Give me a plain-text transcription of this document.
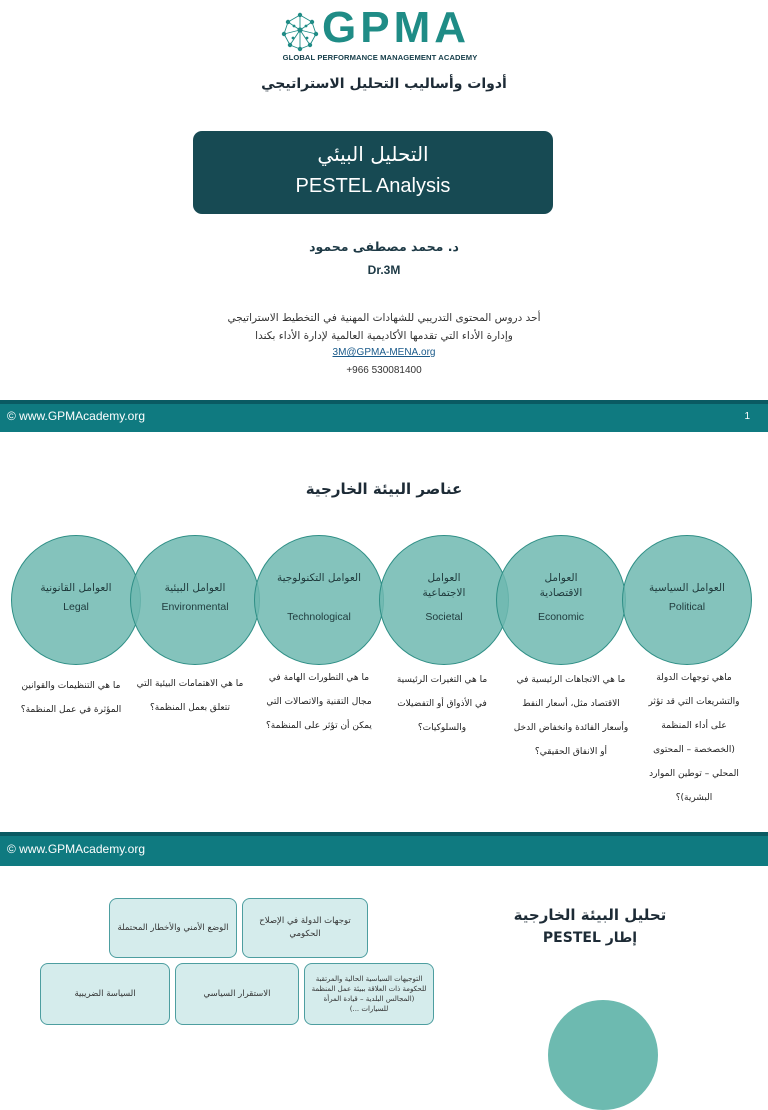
GPMA
GLOBAL PERFORMANCE MANAGEMENT ACADEMY
أدوات وأساليب التحليل الاستراتيجي
التحليل البيئي
PESTEL Analysis
د. محمد مصطفى محمود
Dr.3M
أحد دروس المحتوى التدريبي للشهادات المهنية في التخطيط الاستراتيجي
وإدارة الأداء التي تقدمها الأكاديمية العالمية لإدارة الأداء بكندا
3M@GPMA-MENA.org
+966 530081400
© www.GPMAcademy.org	1
عناصر البيئة الخارجية
العوامل القانونية
Legal
العوامل البيئية
Environmental
العوامل التكنولوجية
Technological
العوامل الاجتماعية
Societal
العوامل الاقتصادية
Economic
العوامل السياسية
Political
ما هي التنظيمات والقوانين المؤثرة في عمل المنظمة؟
ما هي الاهتمامات البيئية التي تتعلق بعمل المنظمة؟
ما هي التطورات الهامة في مجال التقنية والاتصالات التي يمكن أن تؤثر على المنظمة؟
ما هي التغيرات الرئيسية في الأذواق أو التفضيلات والسلوكيات؟
ما هي الاتجاهات الرئيسية في الاقتصاد مثل، أسعار النفط وأسعار الفائدة وانخفاض الدخل أو الانفاق الحقيقي؟
ماهي توجهات الدولة والتشريعات التي قد تؤثر على أداء المنظمة (الخصخصة – المحتوى المحلي – توطين الموارد البشرية)؟
© www.GPMAcademy.org
تحليل البيئة الخارجية
إطار PESTEL
الوضع الأمني والأخطار المحتملة
توجهات الدولة في الإصلاح الحكومي
السياسة الضريبية	الاستقرار السياسي
التوجيهات السياسية الحالية والمرتقبة للحكومة ذات العلاقة ببيئة عمل المنظمة (المجالس البلدية – قيادة المرأة للسيارات ...)
